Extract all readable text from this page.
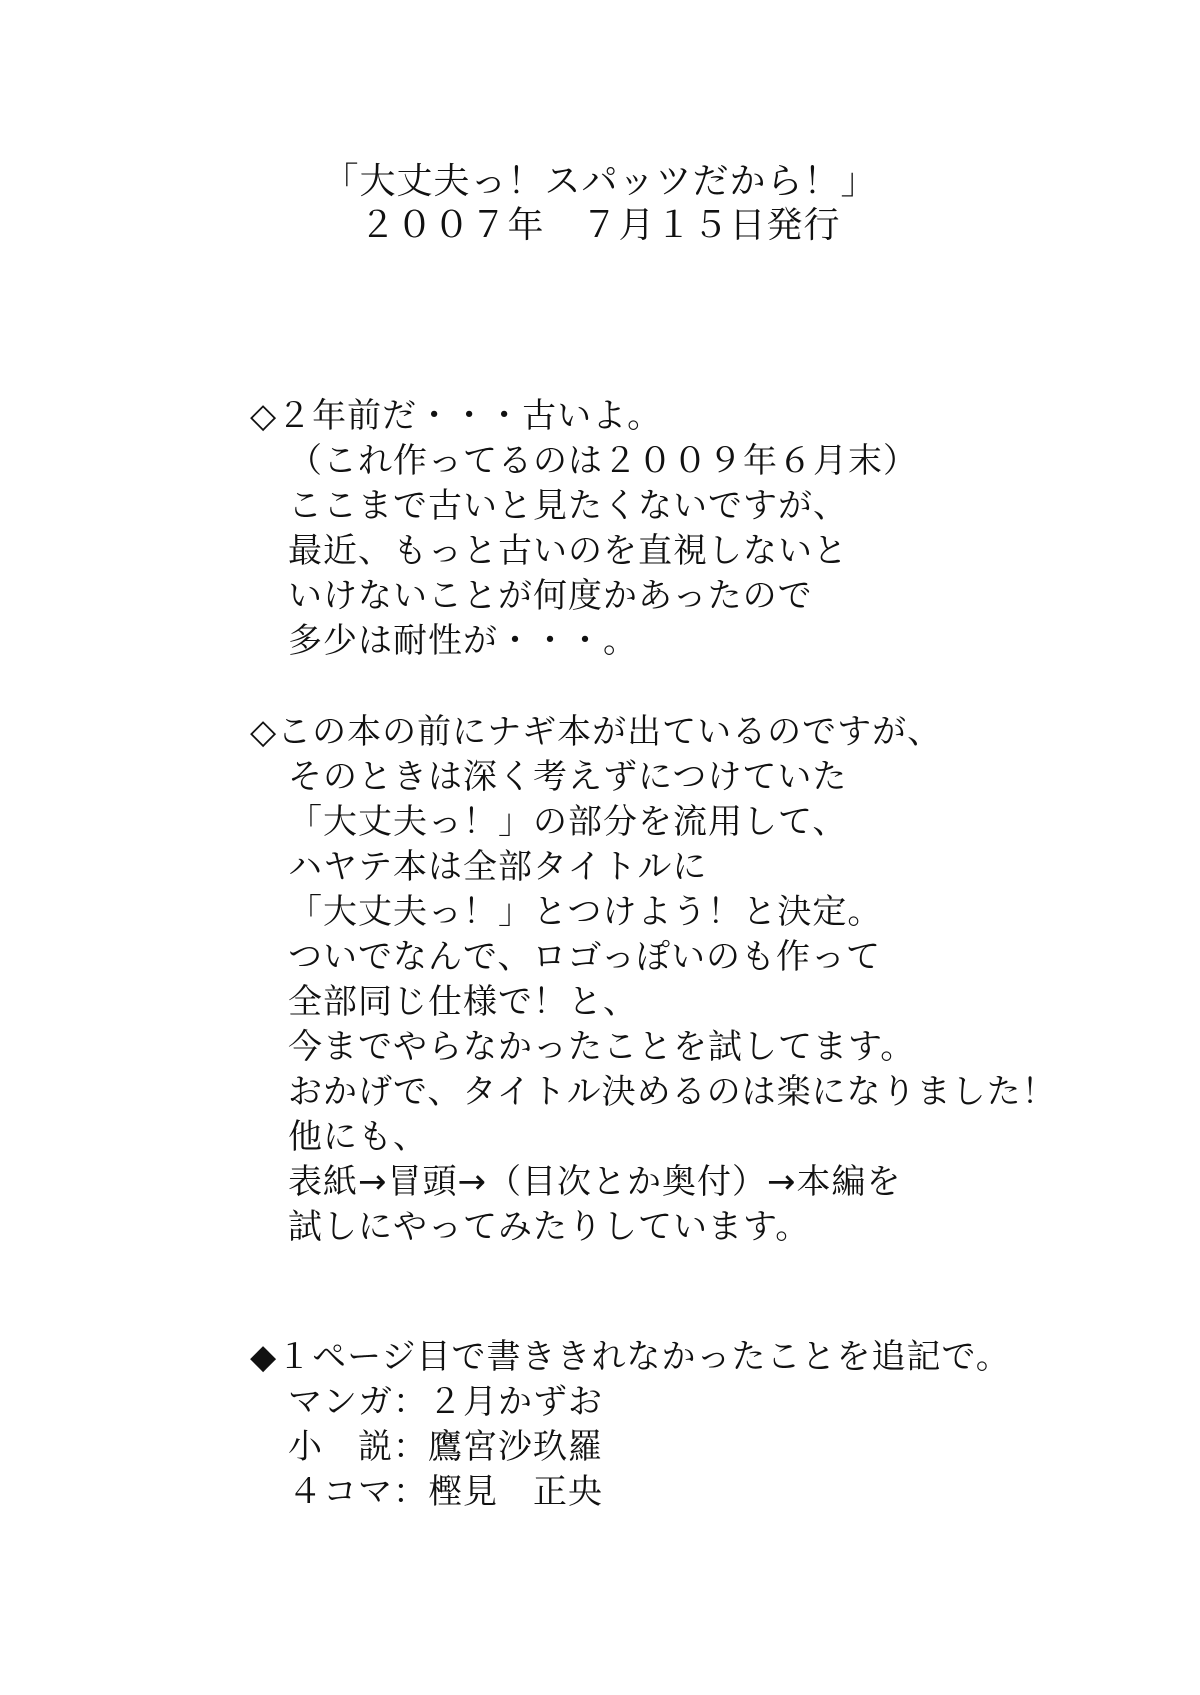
「大丈夫っ！スパッツだから！」
２００７年　７月１５日発行
◇２年前だ・・・古いよ。
（これ作ってるのは２００９年６月末）
ここまで古いと見たくないですが、
最近、もっと古いのを直視しないと
いけないことが何度かあったので
多少は耐性が・・・。
◇この本の前にナギ本が出ているのですが、
そのときは深く考えずにつけていた
「大丈夫っ！」の部分を流用して、
ハヤテ本は全部タイトルに
「大丈夫っ！」とつけよう！と決定。
ついでなんで、ロゴっぽいのも作って
全部同じ仕様で！と、
今までやらなかったことを試してます。
おかげで、タイトル決めるのは楽になりました！
他にも、
表紙→冒頭→（目次とか奥付）→本編を
試しにやってみたりしています。
◆１ページ目で書ききれなかったことを追記で。
マンガ：２月かずお
小　説：鷹宮沙玖羅
４コマ：樫見　正央
